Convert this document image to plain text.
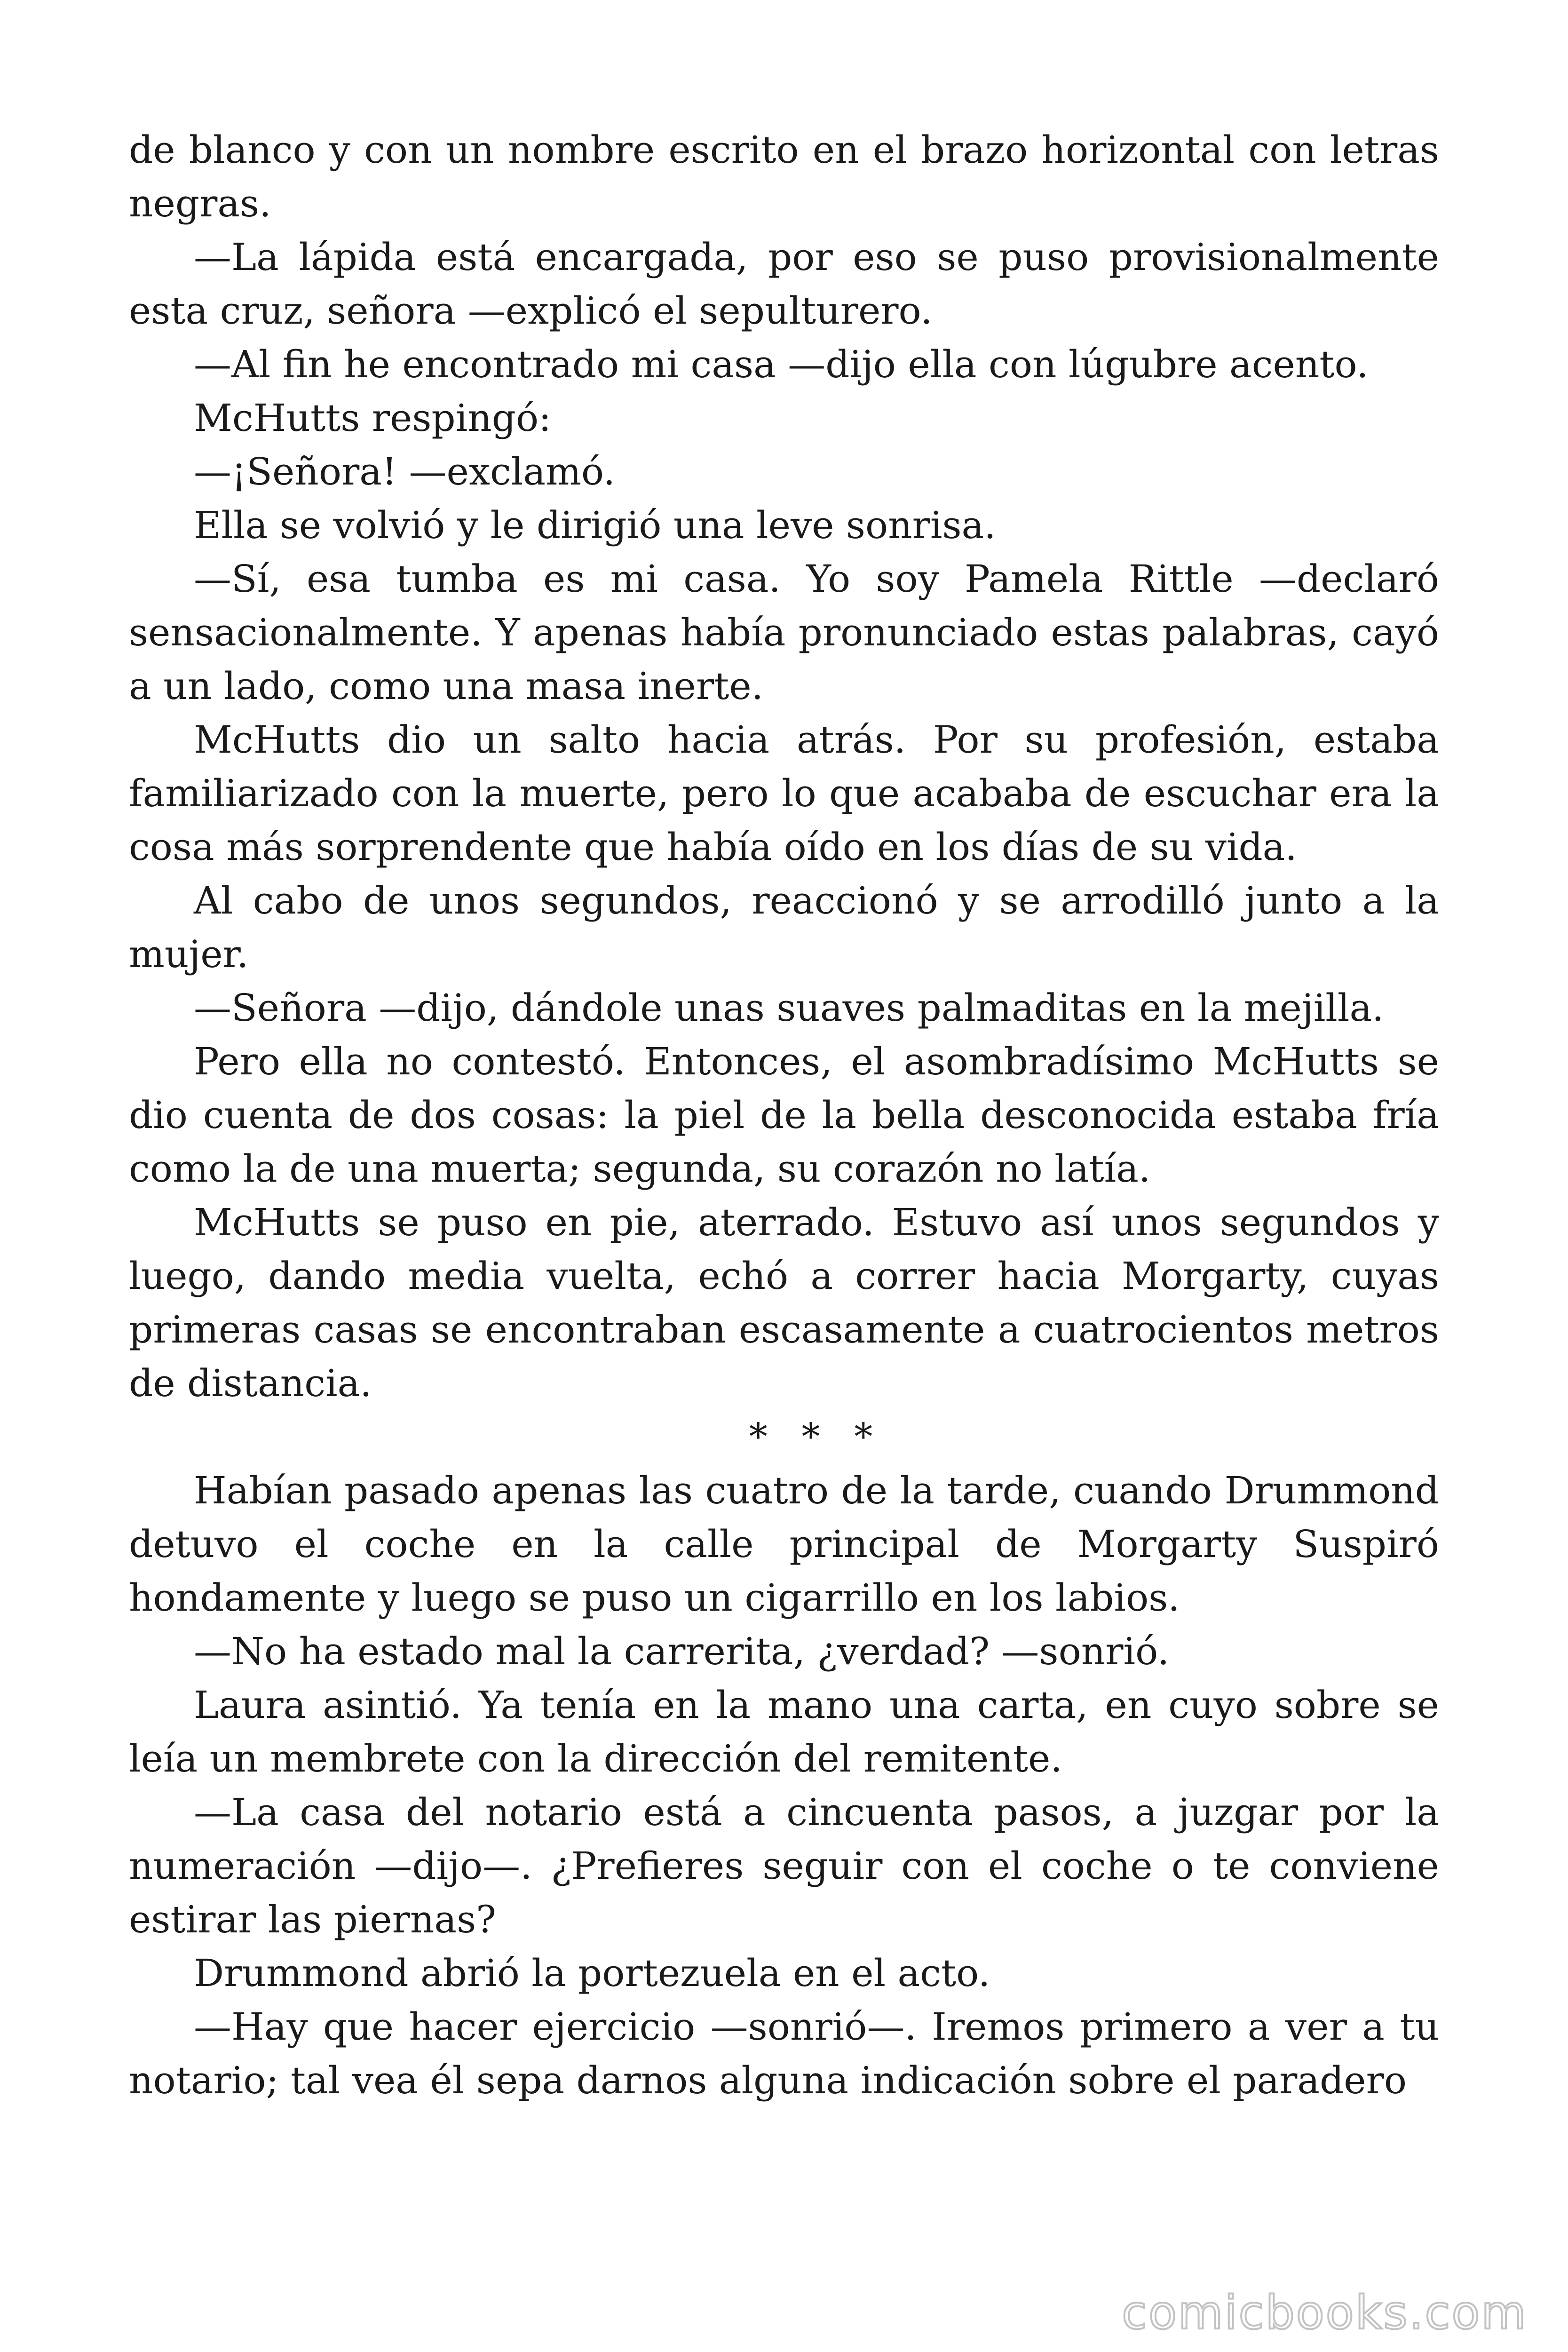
de blanco y con un nombre escrito en el brazo horizontal con letras negras.

—La lápida está encargada, por eso se puso provisionalmente esta cruz, señora —explicó el sepulturero.

—Al fin he encontrado mi casa —dijo ella con lúgubre acento.

McHutts respingó:

—¡Señora! —exclamó.

Ella se volvió y le dirigió una leve sonrisa.

—Sí, esa tumba es mi casa. Yo soy Pamela Rittle —declaró sensacionalmente. Y apenas había pronunciado estas palabras, cayó a un lado, como una masa inerte.

McHutts dio un salto hacia atrás. Por su profesión, estaba familiarizado con la muerte, pero lo que acababa de escuchar era la cosa más sorprendente que había oído en los días de su vida.

Al cabo de unos segundos, reaccionó y se arrodilló junto a la mujer.

—Señora —dijo, dándole unas suaves palmaditas en la mejilla.

Pero ella no contestó. Entonces, el asombradísimo McHutts se dio cuenta de dos cosas: la piel de la bella desconocida estaba fría como la de una muerta; segunda, su corazón no latía.

McHutts se puso en pie, aterrado. Estuvo así unos segundos y luego, dando media vuelta, echó a correr hacia Morgarty, cuyas primeras casas se encontraban escasamente a cuatrocientos metros de distancia.

* * *

Habían pasado apenas las cuatro de la tarde, cuando Drummond detuvo el coche en la calle principal de Morgarty Suspiró hondamente y luego se puso un cigarrillo en los labios.

—No ha estado mal la carrerita, ¿verdad? —sonrió.

Laura asintió. Ya tenía en la mano una carta, en cuyo sobre se leía un membrete con la dirección del remitente.

—La casa del notario está a cincuenta pasos, a juzgar por la numeración —dijo—. ¿Prefieres seguir con el coche o te conviene estirar las piernas?

Drummond abrió la portezuela en el acto.

—Hay que hacer ejercicio —sonrió—. Iremos primero a ver a tu notario; tal vea él sepa darnos alguna indicación sobre el paradero

comicbooks.com
